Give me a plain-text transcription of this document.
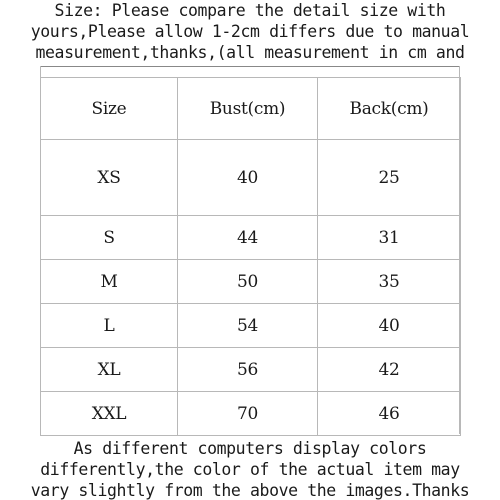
Size: Please compare the detail size with
yours,Please allow 1-2cm differs due to manual
measurement,thanks,(all measurement in cm and
Size	Bust(cm)	Back(cm)
XS	40	25
S	44	31
M	50	35
L	54	40
XL	56	42
XXL	70	46
As different computers display colors
differently,the color of the actual item may
vary slightly from the above the images.Thanks
